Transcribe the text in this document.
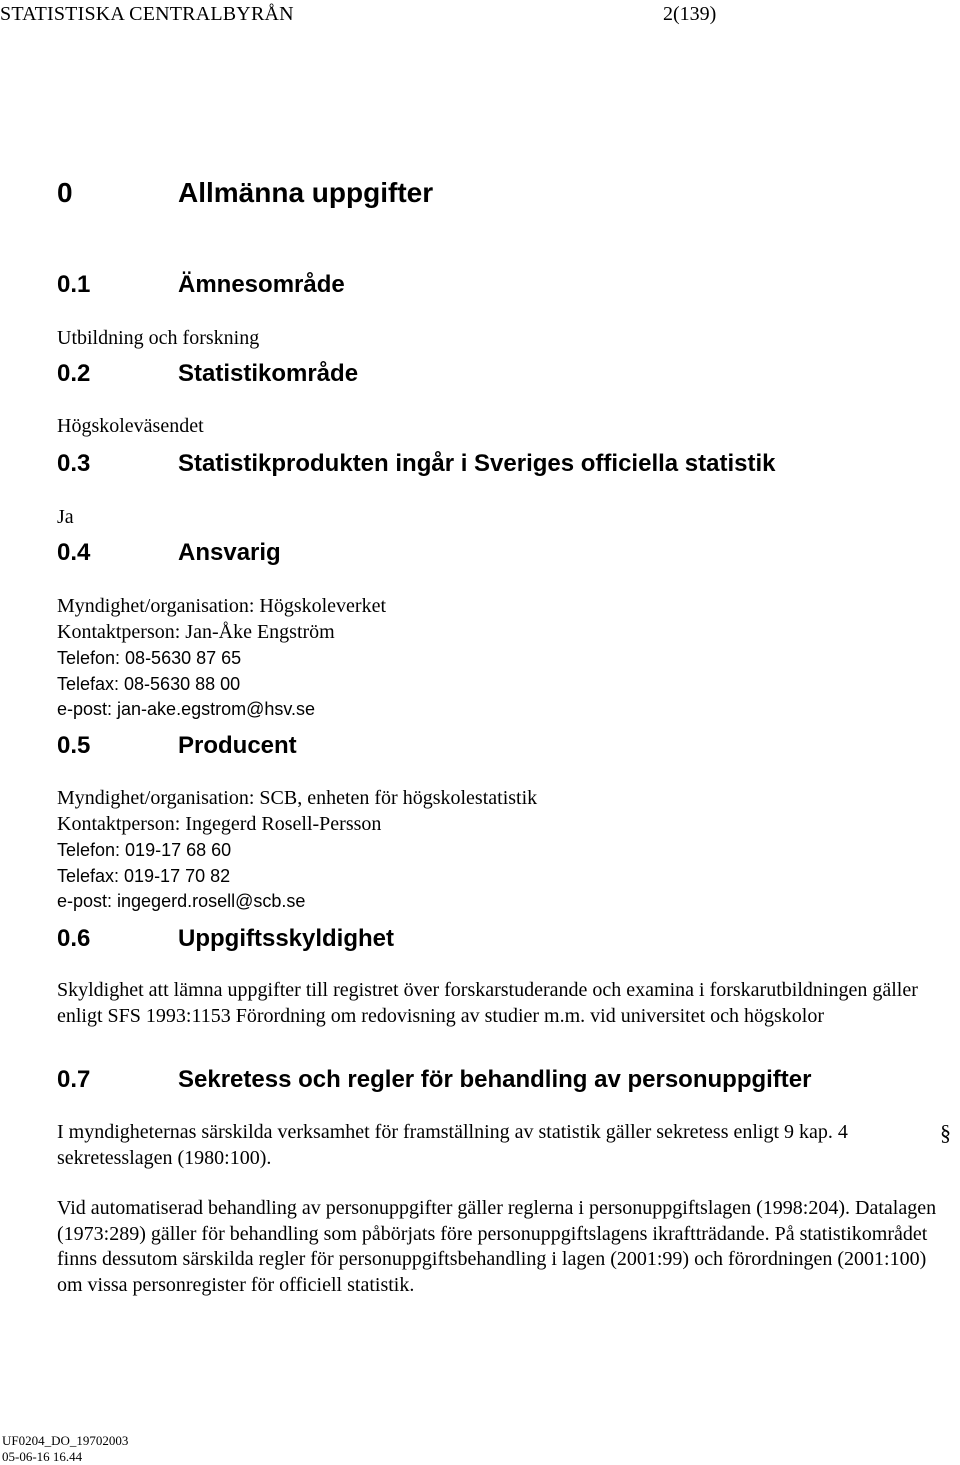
STATISTISKA CENTRALBYRÅN	2(139)
0	Allmänna uppgifter
0.1	Ämnesområde
Utbildning och forskning
0.2	Statistikområde
Högskoleväsendet
0.3	Statistikprodukten ingår i Sveriges officiella statistik
Ja
0.4	Ansvarig
Myndighet/organisation: Högskoleverket
Kontaktperson: Jan-Åke Engström
Telefon: 08-5630 87 65
Telefax: 08-5630 88 00
e-post: jan-ake.egstrom@hsv.se
0.5	Producent
Myndighet/organisation: SCB, enheten för högskolestatistik
Kontaktperson: Ingegerd Rosell-Persson
Telefon: 019-17 68 60
Telefax: 019-17 70 82
e-post: ingegerd.rosell@scb.se
0.6	Uppgiftsskyldighet
Skyldighet att lämna uppgifter till registret över forskarstuderande och examina i forskarutbildningen gäller enligt SFS 1993:1153 Förordning om redovisning av studier m.m. vid universitet och högskolor
0.7	Sekretess och regler för behandling av personuppgifter
I myndigheternas särskilda verksamhet för framställning av statistik gäller sekretess enligt 9 kap. 4 sekretesslagen (1980:100).
§
Vid automatiserad behandling av personuppgifter gäller reglerna i personuppgiftslagen (1998:204). Datalagen (1973:289) gäller för behandling som påbörjats före personuppgiftslagens ikraftträdande. På statistikområdet finns dessutom särskilda regler för personuppgiftsbehandling i lagen (2001:99) och förordningen (2001:100) om vissa personregister för officiell statistik.
UF0204_DO_19702003
05-06-16 16.44
